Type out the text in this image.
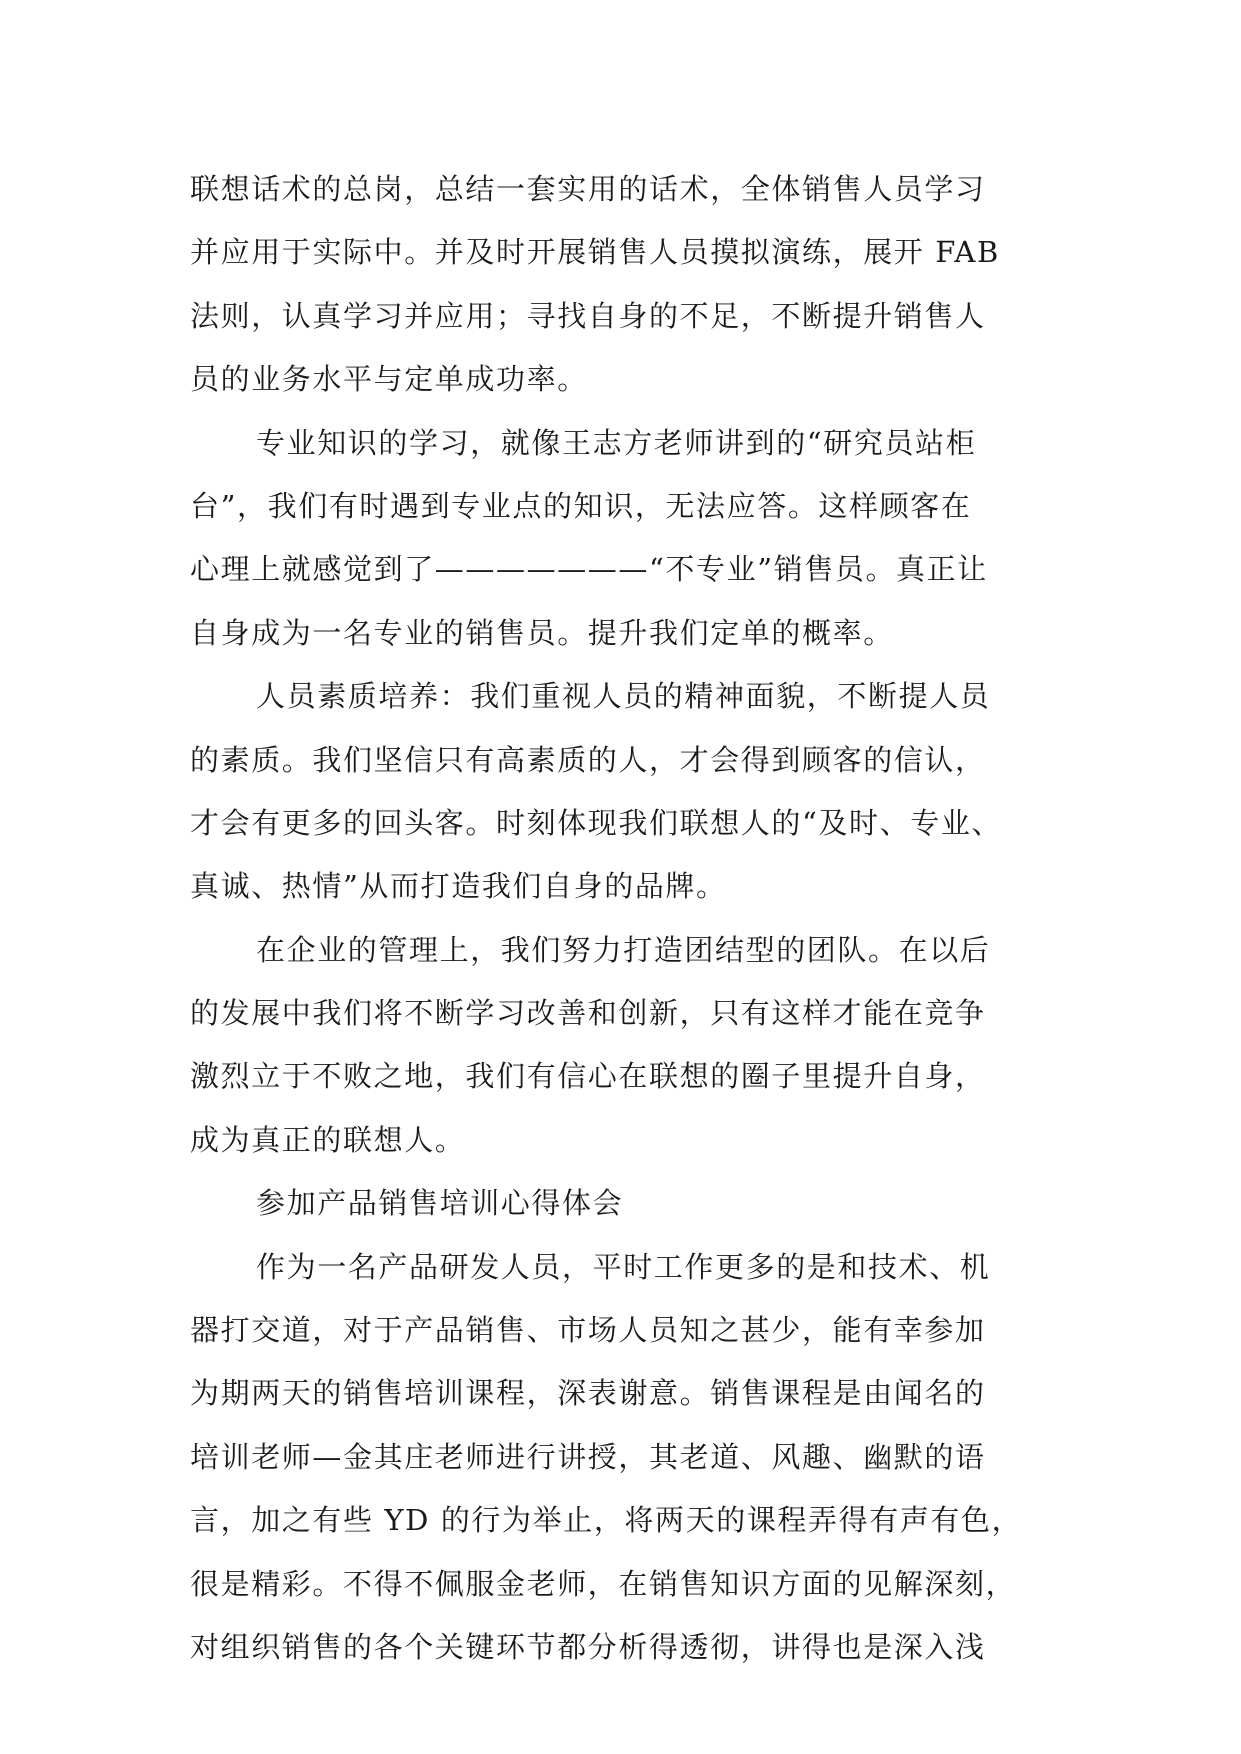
联想话术的总岗，总结一套实用的话术，全体销售人员学习
并应用于实际中。并及时开展销售人员摸拟演练，展开 FAB
法则，认真学习并应用；寻找自身的不足，不断提升销售人
员的业务水平与定单成功率。
专业知识的学习，就像王志方老师讲到的“研究员站柜
台”，我们有时遇到专业点的知识，无法应答。这样顾客在
心理上就感觉到了———————“不专业”销售员。真正让
自身成为一名专业的销售员。提升我们定单的概率。
人员素质培养：我们重视人员的精神面貌，不断提人员
的素质。我们坚信只有高素质的人，才会得到顾客的信认，
才会有更多的回头客。时刻体现我们联想人的“及时、专业、
真诚、热情”从而打造我们自身的品牌。
在企业的管理上，我们努力打造团结型的团队。在以后
的发展中我们将不断学习改善和创新，只有这样才能在竞争
激烈立于不败之地，我们有信心在联想的圈子里提升自身，
成为真正的联想人。
参加产品销售培训心得体会
作为一名产品研发人员，平时工作更多的是和技术、机
器打交道，对于产品销售、市场人员知之甚少，能有幸参加
为期两天的销售培训课程，深表谢意。销售课程是由闻名的
培训老师—金其庄老师进行讲授，其老道、风趣、幽默的语
言，加之有些 YD 的行为举止，将两天的课程弄得有声有色，
很是精彩。不得不佩服金老师，在销售知识方面的见解深刻，
对组织销售的各个关键环节都分析得透彻，讲得也是深入浅
